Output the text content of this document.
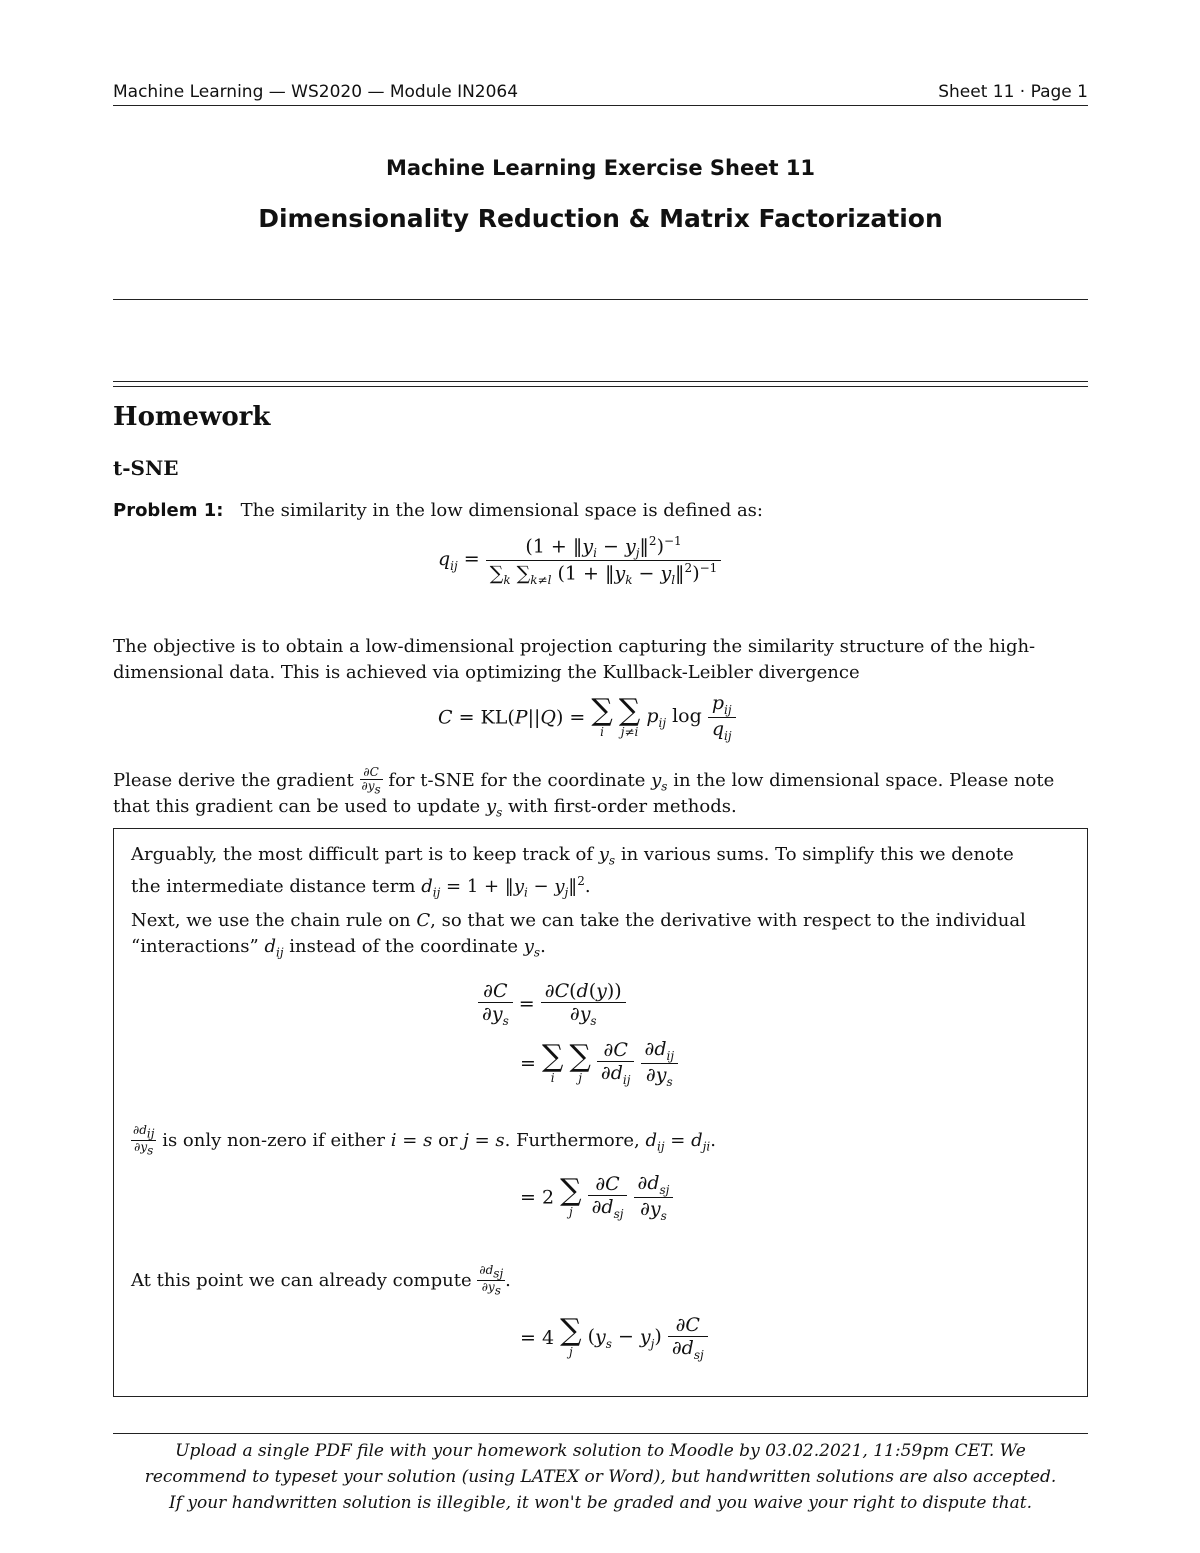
Machine Learning — WS2020 — Module IN2064	Sheet 11 · Page 1
Machine Learning Exercise Sheet 11
Dimensionality Reduction & Matrix Factorization
Homework
t-SNE
Problem 1: The similarity in the low dimensional space is defined as:
$q_{ij} = \frac{(1 + ‖y_i - y_j‖^2)^{-1}}{\sum_k \sum_{k\ne l} (1 + ‖y_k - y_l‖^2)^{-1}}$
The objective is to obtain a low-dimensional projection capturing the similarity structure of the high-
dimensional data. This is achieved via optimizing the Kullback-Leibler divergence
C = KL(P||Q) = ∑
i

∑
j≠i
$p_{ij}$ $\log \frac{p_{ij}}{q_{ij}}$
Please derive the gradient $\frac{\partial C}{\partial y_s}$ for t-SNE for the coordinate $y_s$ in the low dimensional space. Please note
that this gradient can be used to update $y_s$ with first-order methods.
Arguably, the most difficult part is to keep track of $y_s$ in various sums. To simplify this we denote
the intermediate distance term $d_{ij} = 1$ + $‖y_i$ − $y_j‖^2$.
Next, we use the chain rule on C, so that we can take the derivative with respect to the individual
“interactions” $d_{ij}$ instead of the coordinate $y_s$.
$\frac{\partial C}{\partial y_s} = \frac{\partial C(d(y))}{\partial y_s}$
= ∑
i

∑
j
$\frac{\partial C}{\partial d_{ij}}$
$\frac{\partial d_{ij}}{\partial y_s}$
$\partial d_{ij}$
$\partial y_s$ is only non-zero if either i = s or j = s. Furthermore, $d_{ij} = d_{ji}$.
= 2 ∑
j
$\frac{\partial C}{\partial d_{sj}}$
$\frac{\partial d_{sj}}{\partial y_s}$
At this point we can already compute $\partial d_{sj}$
$\partial y_s$ .
= 4 ∑
j
$(y_s - y_j) \frac{\partial C}{\partial d_{sj}}$
Upload a single PDF file with your homework solution to Moodle by 03.02.2021, 11:59pm CET. We
recommend to typeset your solution (using LATEX or Word), but handwritten solutions are also accepted.
If your handwritten solution is illegible, it won't be graded and you waive your right to dispute that.
